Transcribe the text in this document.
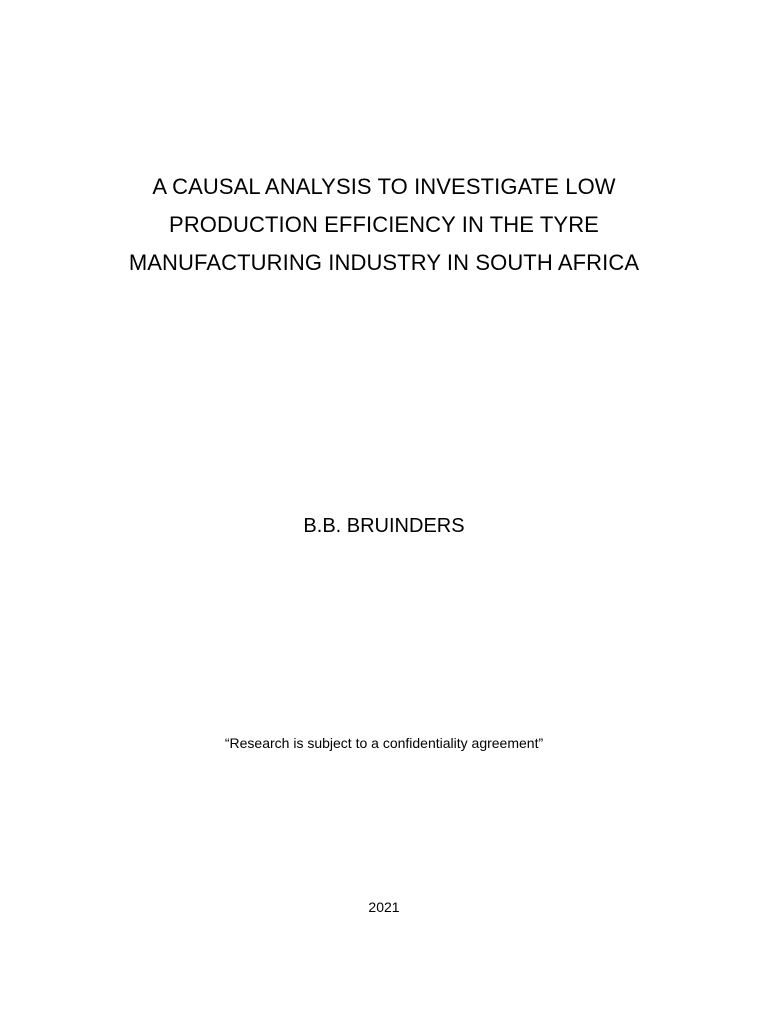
A CAUSAL ANALYSIS TO INVESTIGATE LOW
PRODUCTION EFFICIENCY IN THE TYRE
MANUFACTURING INDUSTRY IN SOUTH AFRICA
B.B. BRUINDERS
“Research is subject to a confidentiality agreement”
2021
